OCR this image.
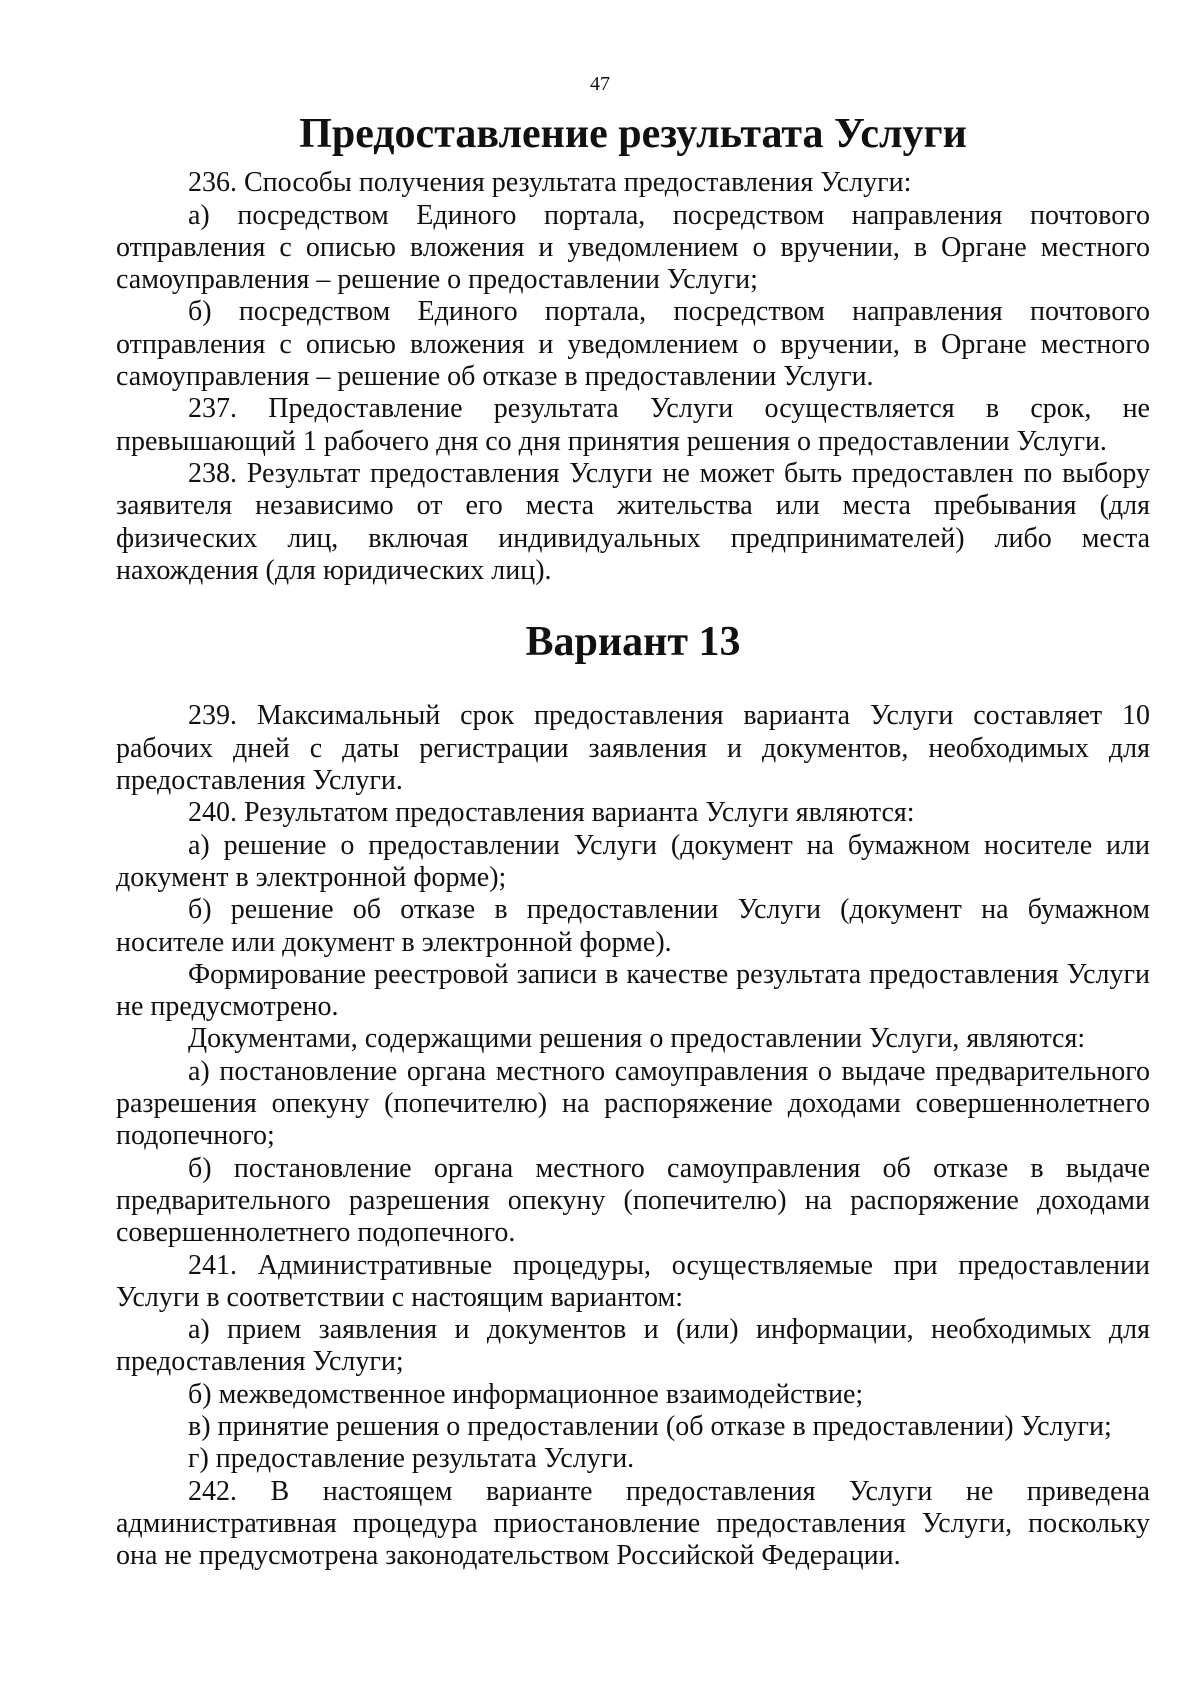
47
Предоставление результата Услуги

236. Способы получения результата предоставления Услуги:

а) посредством Единого портала, посредством направления почтового отправления с описью вложения и уведомлением о вручении, в Органе местного самоуправления – решение о предоставлении Услуги;

б) посредством Единого портала, посредством направления почтового отправления с описью вложения и уведомлением о вручении, в Органе местного самоуправления – решение об отказе в предоставлении Услуги.

237. Предоставление результата Услуги осуществляется в срок, не превышающий 1 рабочего дня со дня принятия решения о предоставлении Услуги.

238. Результат предоставления Услуги не может быть предоставлен по выбору заявителя независимо от его места жительства или места пребывания (для физических лиц, включая индивидуальных предпринимателей) либо места нахождения (для юридических лиц).

Вариант 13

239. Максимальный срок предоставления варианта Услуги составляет 10 рабочих дней с даты регистрации заявления и документов, необходимых для предоставления Услуги.

240. Результатом предоставления варианта Услуги являются:

а) решение о предоставлении Услуги (документ на бумажном носителе или документ в электронной форме);

б) решение об отказе в предоставлении Услуги (документ на бумажном носителе или документ в электронной форме).

Формирование реестровой записи в качестве результата предоставления Услуги не предусмотрено.

Документами, содержащими решения о предоставлении Услуги, являются:

а) постановление органа местного самоуправления о выдаче предварительного разрешения опекуну (попечителю) на распоряжение доходами совершеннолетнего подопечного;

б) постановление органа местного самоуправления об отказе в выдаче предварительного разрешения опекуну (попечителю) на распоряжение доходами совершеннолетнего подопечного.

241. Административные процедуры, осуществляемые при предоставлении Услуги в соответствии с настоящим вариантом:

а) прием заявления и документов и (или) информации, необходимых для предоставления Услуги;

б) межведомственное информационное взаимодействие;

в) принятие решения о предоставлении (об отказе в предоставлении) Услуги;

г) предоставление результата Услуги.

242. В настоящем варианте предоставления Услуги не приведена административная процедура приостановление предоставления Услуги, поскольку она не предусмотрена законодательством Российской Федерации.
